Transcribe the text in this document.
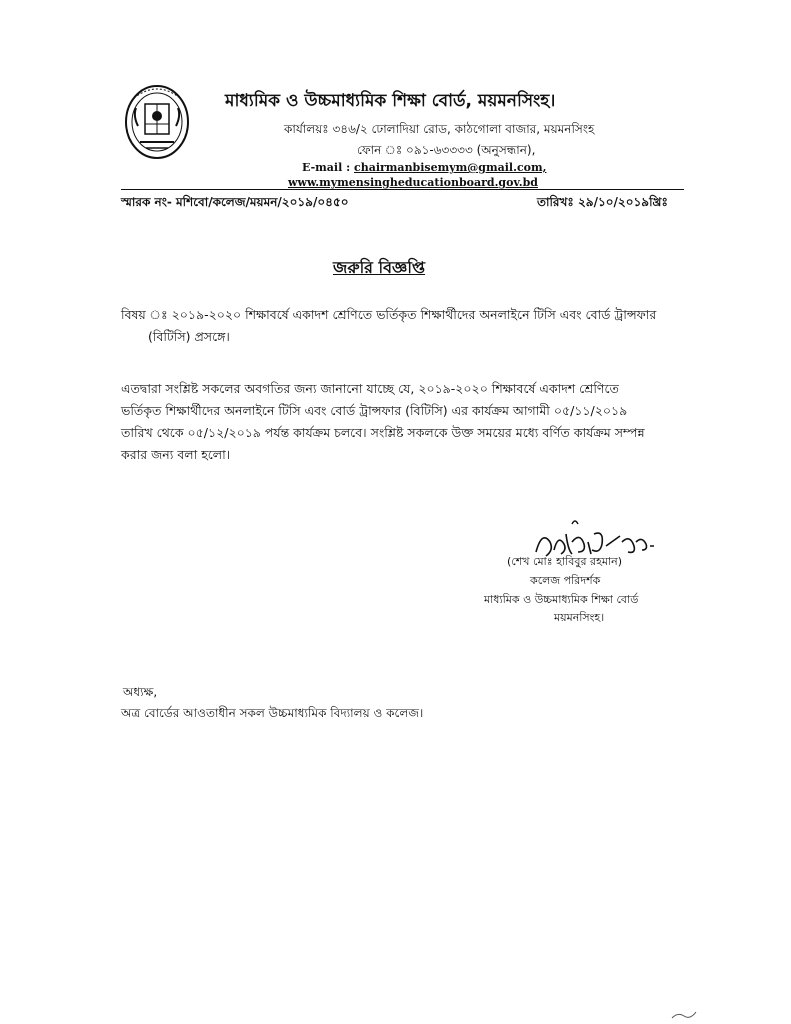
মাধ্যমিক ও উচ্চমাধ্যমিক শিক্ষা বোর্ড, ময়মনসিংহ।
কার্যালয়ঃ ৩৪৬/২ ঢোলাদিয়া রোড, কাঠগোলা বাজার, ময়মনসিংহ
ফোন ঃ ০৯১-৬৩৩৩৩ (অনুসন্ধান),
E-mail : chairmanbisemym@gmail.com,
www.mymensingheducationboard.gov.bd
স্মারক নং- মশিবো/কলেজ/ময়মন/২০১৯/০৪৫০	তারিখঃ ২৯/১০/২০১৯খ্রিঃ
জরুরি বিজ্ঞপ্তি
বিষয় ঃ ২০১৯-২০২০ শিক্ষাবর্ষে একাদশ শ্রেণিতে ভর্তিকৃত শিক্ষার্থীদের অনলাইনে টিসি এবং বোর্ড ট্রান্সফার
(বিটিসি) প্রসঙ্গে।
এতদ্বারা সংশ্লিষ্ট সকলের অবগতির জন্য জানানো যাচ্ছে যে, ২০১৯-২০২০ শিক্ষাবর্ষে একাদশ শ্রেণিতে
ভর্তিকৃত শিক্ষার্থীদের অনলাইনে টিসি এবং বোর্ড ট্রান্সফার (বিটিসি) এর কার্যক্রম আগামী ০৫/১১/২০১৯
তারিখ থেকে ০৫/১২/২০১৯ পর্যন্ত কার্যক্রম চলবে। সংশ্লিষ্ট সকলকে উক্ত সময়ের মধ্যে বর্ণিত কার্যক্রম সম্পন্ন
করার জন্য বলা হলো।
(শেখ মোঃ হাবিবুর রহমান)
কলেজ পরিদর্শক
মাধ্যমিক ও উচ্চমাধ্যমিক শিক্ষা বোর্ড
ময়মনসিংহ।
অধ্যক্ষ,
অত্র বোর্ডের আওতাধীন সকল উচ্চমাধ্যমিক বিদ্যালয় ও কলেজ।
